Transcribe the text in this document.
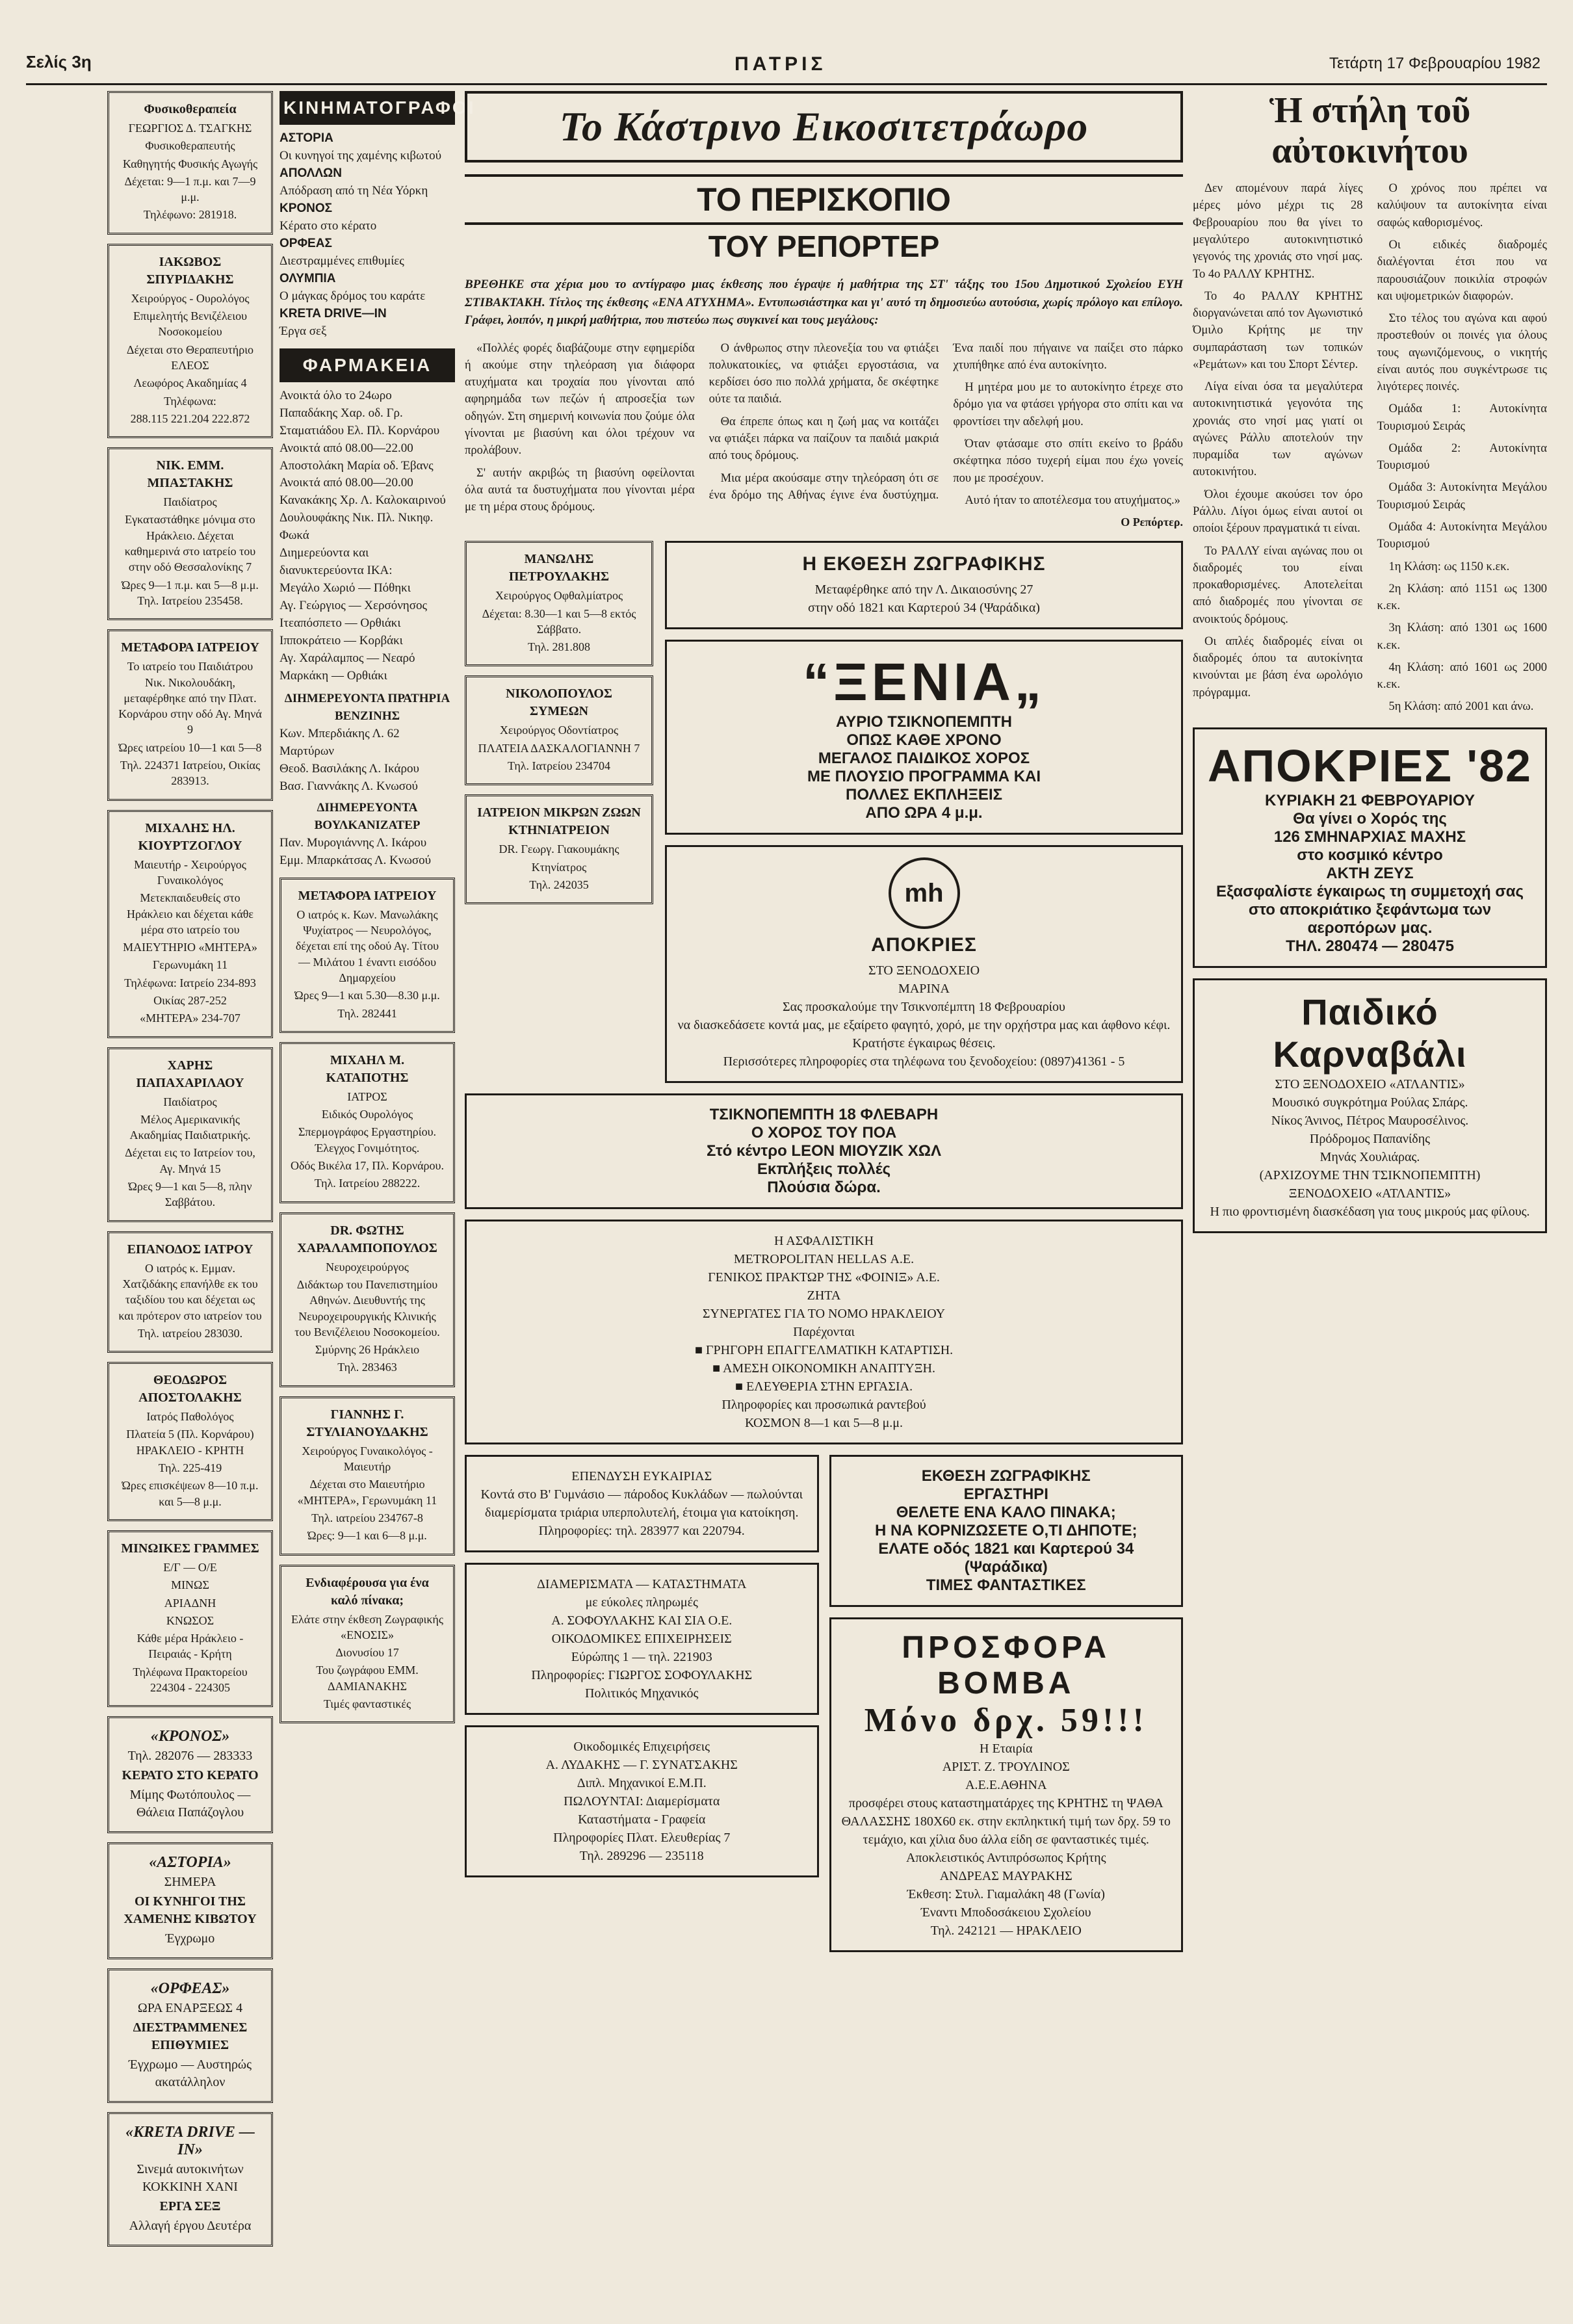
Σελίς 3η	ΠΑΤΡΙΣ	Τετάρτη 17 Φεβρουαρίου 1982
Φυσικοθεραπεία

ΓΕΩΡΓΙΟΣ Δ. ΤΣΑΓΚΗΣ

Φυσικοθεραπευτής

Καθηγητής Φυσικής Αγωγής

Δέχεται: 9—1 π.μ. και 7—9 μ.μ.

Τηλέφωνο: 281918.

ΙΑΚΩΒΟΣ ΣΠΥΡΙΔΑΚΗΣ

Χειρούργος - Ουρολόγος

Επιμελητής Βενιζέλειου Νοσοκομείου

Δέχεται στο Θεραπευτήριο ΕΛΕΟΣ

Λεωφόρος Ακαδημίας 4

Τηλέφωνα:

288.115 221.204 222.872

ΝΙΚ. ΕΜΜ. ΜΠΑΣΤΑΚΗΣ

Παιδίατρος

Εγκαταστάθηκε μόνιμα στο Ηράκλειο. Δέχεται καθημερινά στο ιατρείο του στην οδό Θεσσαλονίκης 7

Ώρες 9—1 π.μ. και 5—8 μ.μ. Τηλ. Ιατρείου 235458.

ΜΕΤΑΦΟΡΑ ΙΑΤΡΕΙΟΥ

Το ιατρείο του Παιδιάτρου Νικ. Νικολουδάκη, μεταφέρθηκε από την Πλατ. Κορνάρου στην οδό Αγ. Μηνά 9

Ώρες ιατρείου 10—1 και 5—8

Τηλ. 224371 Ιατρείου, Οικίας 283913.

ΜΙΧΑΛΗΣ ΗΛ. ΚΙΟΥΡΤΖΟΓΛΟΥ

Μαιευτήρ - Χειρούργος Γυναικολόγος

Μετεκπαιδευθείς στο Ηράκλειο και δέχεται κάθε μέρα στο ιατρείο του

ΜΑΙΕΥΤΗΡΙΟ «ΜΗΤΕΡΑ»

Γερωνυμάκη 11

Τηλέφωνα: Ιατρείο 234-893

Οικίας 287-252

«ΜΗΤΕΡΑ» 234-707

ΧΑΡΗΣ ΠΑΠΑΧΑΡΙΛΑΟΥ

Παιδίατρος

Μέλος Αμερικανικής Ακαδημίας Παιδιατρικής.

Δέχεται εις το Ιατρείον του, Αγ. Μηνά 15

Ώρες 9—1 και 5—8, πλην Σαββάτου.

ΕΠΑΝΟΔΟΣ ΙΑΤΡΟΥ

Ο ιατρός κ. Εμμαν. Χατζιδάκης επανήλθε εκ του ταξιδίου του και δέχεται ως και πρότερον στο ιατρείον του

Τηλ. ιατρείου 283030.

ΘΕΟΔΩΡΟΣ ΑΠΟΣΤΟΛΑΚΗΣ

Ιατρός Παθολόγος

Πλατεία 5 (Πλ. Κορνάρου) ΗΡΑΚΛΕΙΟ - ΚΡΗΤΗ

Τηλ. 225-419

Ώρες επισκέψεων 8—10 π.μ. και 5—8 μ.μ.

ΜΙΝΩΙΚΕΣ ΓΡΑΜΜΕΣ

Ε/Γ — Ο/Ε

ΜΙΝΩΣ

ΑΡΙΑΔΝΗ

ΚΝΩΣΟΣ

Κάθε μέρα Ηράκλειο - Πειραιάς - Κρήτη

Τηλέφωνα Πρακτορείου 224304 - 224305

«ΚΡΟΝΟΣ»

Τηλ. 282076 — 283333

ΚΕΡΑΤΟ ΣΤΟ ΚΕΡΑΤΟ

Μίμης Φωτόπουλος — Θάλεια Παπάζογλου

«ΑΣΤΟΡΙΑ»

ΣΗΜΕΡΑ

ΟΙ ΚΥΝΗΓΟΙ ΤΗΣ ΧΑΜΕΝΗΣ ΚΙΒΩΤΟΥ

Έγχρωμο

«ΟΡΦΕΑΣ»

ΩΡΑ ΕΝΑΡΞΕΩΣ 4

ΔΙΕΣΤΡΑΜΜΕΝΕΣ ΕΠΙΘΥΜΙΕΣ

Έγχρωμο — Αυστηρώς ακατάλληλον

«KRETA DRIVE — IN»

Σινεμά αυτοκινήτων ΚΟΚΚΙΝΗ ΧΑΝΙ

ΕΡΓΑ ΣΕΞ

Αλλαγή έργου Δευτέρα

ΚΙΝΗΜΑΤΟΓΡΑΦΟΙ
ΑΣΤΟΡΙΑ
Οι κυνηγοί της χαμένης κιβωτού
ΑΠΟΛΛΩΝ
Απόδραση από τη Νέα Υόρκη
ΚΡΟΝΟΣ
Κέρατο στο κέρατο
ΟΡΦΕΑΣ
Διεστραμμένες επιθυμίες
ΟΛΥΜΠΙΑ
Ο μάγκας δρόμος του καράτε
KRETA DRIVE—IN
Έργα σεξ
ΦΑΡΜΑΚΕΙΑ

Ανοικτά όλο το 24ωρο

Παπαδάκης Χαρ. οδ. Γρ. Σταματιάδου Ελ. Πλ. Κορνάρου

Ανοικτά από 08.00—22.00

Αποστολάκη Μαρία οδ. Έβανς

Ανοικτά από 08.00—20.00

Κανακάκης Χρ. Λ. Καλοκαιρινού

Δουλουφάκης Νικ. Πλ. Νικηφ. Φωκά

Διημερεύοντα και διανυκτερεύοντα ΙΚΑ:

Μεγάλο Χωριό — Πόθηκι

Αγ. Γεώργιος — Χερσόνησος

Ιτεαπόσπετο — Ορθιάκι

Ιπποκράτειο — Κορβάκι

Αγ. Χαράλαμπος — Νεαρό

Μαρκάκη — Ορθιάκι

ΔΙΗΜΕΡΕΥΟΝΤΑ ΠΡΑΤΗΡΙΑ ΒΕΝΖΙΝΗΣ

Κων. Μπερδιάκης Λ. 62 Μαρτύρων

Θεοδ. Βασιλάκης Λ. Ικάρου

Βασ. Γιαννάκης Λ. Κνωσού

ΔΙΗΜΕΡΕΥΟΝΤΑ ΒΟΥΛΚΑΝΙΖΑΤΕΡ

Παν. Μυρογιάννης Λ. Ικάρου

Εμμ. Μπαρκάτσας Λ. Κνωσού

ΜΕΤΑΦΟΡΑ ΙΑΤΡΕΙΟΥ

Ο ιατρός κ. Κων. Μανωλάκης Ψυχίατρος — Νευρολόγος, δέχεται επί της οδού Αγ. Τίτου — Μιλάτου 1 έναντι εισόδου Δημαρχείου

Ώρες 9—1 και 5.30—8.30 μ.μ.

Τηλ. 282441

ΜΙΧΑΗΛ Μ. ΚΑΤΑΠΟΤΗΣ

ΙΑΤΡΟΣ

Ειδικός Ουρολόγος

Σπερμογράφος Εργαστηρίου. Έλεγχος Γονιμότητος.

Οδός Βικέλα 17, Πλ. Κορνάρου.

Τηλ. Ιατρείου 288222.

DR. ΦΩΤΗΣ ΧΑΡΑΛΑΜΠΟΠΟΥΛΟΣ

Νευροχειρούργος

Διδάκτωρ του Πανεπιστημίου Αθηνών. Διευθυντής της Νευροχειρουργικής Κλινικής του Βενιζέλειου Νοσοκομείου.

Σμύρνης 26 Ηράκλειο

Τηλ. 283463

ΓΙΑΝΝΗΣ Γ. ΣΤΥΛΙΑΝΟΥΔΑΚΗΣ

Χειρούργος Γυναικολόγος - Μαιευτήρ

Δέχεται στο Μαιευτήριο «ΜΗΤΕΡΑ», Γερωνυμάκη 11

Τηλ. ιατρείου 234767-8

Ώρες: 9—1 και 6—8 μ.μ.

Ενδιαφέρουσα για ένα καλό πίνακα;

Ελάτε στην έκθεση Ζωγραφικής «ΕΝΟΣΙΣ»

Διονυσίου 17

Του ζωγράφου ΕΜΜ. ΔΑΜΙΑΝΑΚΗΣ

Τιμές φανταστικές

Το Κάστρινο Εικοσιτετράωρο
ΤΟ ΠΕΡΙΣΚΟΠΙΟ
ΤΟΥ ΡΕΠΟΡΤΕΡ
ΒΡΕΘΗΚΕ στα χέρια μου το αντίγραφο μιας έκθεσης που έγραψε ή μαθήτρια της ΣΤ' τάξης του 15ου Δημοτικού Σχολείου ΕΥΗ ΣΤΙΒΑΚΤΑΚΗ. Τίτλος της έκθεσης «ΕΝΑ ΑΤΥΧΗΜΑ». Εντυπωσιάστηκα και γι' αυτό τη δημοσιεύω αυτούσια, χωρίς πρόλογο και επίλογο. Γράφει, λοιπόν, η μικρή μαθήτρια, που πιστεύω πως συγκινεί και τους μεγάλους:

«Πολλές φορές διαβάζουμε στην εφημερίδα ή ακούμε στην τηλεόραση για διάφορα ατυχήματα και τροχαία που γίνονται από αφηρημάδα των πεζών ή απροσεξία των οδηγών. Στη σημερινή κοινωνία που ζούμε όλα γίνονται με βιασύνη και όλοι τρέχουν να προλάβουν.

Σ' αυτήν ακριβώς τη βιασύνη οφείλονται όλα αυτά τα δυστυχήματα που γίνονται μέρα με τη μέρα στους δρόμους.

Ο άνθρωπος στην πλεονεξία του να φτιάξει πολυκατοικίες, να φτιάξει εργοστάσια, να κερδίσει όσο πιο πολλά χρήματα, δε σκέφτηκε ούτε τα παιδιά.

Θα έπρεπε όπως και η ζωή μας να κοιτάζει να φτιάξει πάρκα να παίζουν τα παιδιά μακριά από τους δρόμους.

Μια μέρα ακούσαμε στην τηλεόραση ότι σε ένα δρόμο της Αθήνας έγινε ένα δυστύχημα. Ένα παιδί που πήγαινε να παίξει στο πάρκο χτυπήθηκε από ένα αυτοκίνητο.

Η μητέρα μου με το αυτοκίνητο έτρεχε στο δρόμο για να φτάσει γρήγορα στο σπίτι και να φροντίσει την αδελφή μου.

Όταν φτάσαμε στο σπίτι εκείνο το βράδυ σκέφτηκα πόσο τυχερή είμαι που έχω γονείς που με προσέχουν.

Αυτό ήταν το αποτέλεσμα του ατυχήματος.»

Ο Ρεπόρτερ.
ΜΑΝΩΛΗΣ ΠΕΤΡΟΥΛΑΚΗΣ

Χειρούργος Οφθαλμίατρος

Δέχεται: 8.30—1 και 5—8 εκτός Σάββατο.

Τηλ. 281.808

ΝΙΚΟΛΟΠΟΥΛΟΣ ΣΥΜΕΩΝ

Χειρούργος Οδοντίατρος

ΠΛΑΤΕΙΑ ΔΑΣΚΑΛΟΓΙΑΝΝΗ 7

Τηλ. Ιατρείου 234704

ΙΑΤΡΕΙΟΝ ΜΙΚΡΩΝ ΖΩΩΝ ΚΤΗΝΙΑΤΡΕΙΟΝ

DR. Γεωργ. Γιακουμάκης

Κτηνίατρος

Τηλ. 242035

Η ΕΚΘΕΣΗ ΖΩΓΡΑΦΙΚΗΣ

Μεταφέρθηκε από την Λ. Δικαιοσύνης 27

στην οδό 1821 και Καρτερού 34 (Ψαράδικα)

“ΞΕΝΙΑ„

ΑΥΡΙΟ ΤΣΙΚΝΟΠΕΜΠΤΗ

ΟΠΩΣ ΚΑΘΕ ΧΡΟΝΟ

ΜΕΓΑΛΟΣ ΠΑΙΔΙΚΟΣ ΧΟΡΟΣ

ΜΕ ΠΛΟΥΣΙΟ ΠΡΟΓΡΑΜΜΑ ΚΑΙ

ΠΟΛΛΕΣ ΕΚΠΛΗΞΕΙΣ

ΑΠΟ ΩΡΑ 4 μ.μ.

mh
ΑΠΟΚΡΙΕΣ

ΣΤΟ ΞΕΝΟΔΟΧΕΙΟ

ΜΑΡΙΝΑ

Σας προσκαλούμε την Τσικνοπέμπτη 18 Φεβρουαρίου

να διασκεδάσετε κοντά μας, με εξαίρετο φαγητό, χορό, με την ορχήστρα μας και άφθονο κέφι.

Κρατήστε έγκαιρως θέσεις.

Περισσότερες πληροφορίες στα τηλέφωνα του ξενοδοχείου: (0897)41361 - 5

ΤΣΙΚΝΟΠΕΜΠΤΗ 18 ΦΛΕΒΑΡΗ

Ο ΧΟΡΟΣ ΤΟΥ ΠΟΑ

Στό κέντρο LEON ΜΙΟΥΖΙΚ ΧΩΛ

Εκπλήξεις πολλές

Πλούσια δώρα.

Η ΑΣΦΑΛΙΣΤΙΚΗ

METROPOLITAN HELLAS Α.Ε.

ΓΕΝΙΚΟΣ ΠΡΑΚΤΩΡ ΤΗΣ «ΦΟΙΝΙΞ» Α.Ε.

ΖΗΤΑ

ΣΥΝΕΡΓΑΤΕΣ ΓΙΑ ΤΟ ΝΟΜΟ ΗΡΑΚΛΕΙΟΥ

Παρέχονται

■ ΓΡΗΓΟΡΗ ΕΠΑΓΓΕΛΜΑΤΙΚΗ ΚΑΤΑΡΤΙΣΗ.

■ ΑΜΕΣΗ ΟΙΚΟΝΟΜΙΚΗ ΑΝΑΠΤΥΞΗ.

■ ΕΛΕΥΘΕΡΙΑ ΣΤΗΝ ΕΡΓΑΣΙΑ.

Πληροφορίες και προσωπικά ραντεβού

ΚΟΣΜΟΝ 8—1 και 5—8 μ.μ.

ΕΠΕΝΔΥΣΗ ΕΥΚΑΙΡΙΑΣ

Κοντά στο Β' Γυμνάσιο — πάροδος Κυκλάδων — πωλούνται διαμερίσματα τριάρια υπερπολυτελή, έτοιμα για κατοίκηση.

Πληροφορίες: τηλ. 283977 και 220794.

ΔΙΑΜΕΡΙΣΜΑΤΑ — ΚΑΤΑΣΤΗΜΑΤΑ

με εύκολες πληρωμές

Α. ΣΟΦΟΥΛΑΚΗΣ ΚΑΙ ΣΙΑ Ο.Ε.

ΟΙΚΟΔΟΜΙΚΕΣ ΕΠΙΧΕΙΡΗΣΕΙΣ

Εύρώπης 1 — τηλ. 221903

Πληροφορίες: ΓΙΩΡΓΟΣ ΣΟΦΟΥΛΑΚΗΣ

Πολιτικός Μηχανικός

Οικοδομικές Επιχειρήσεις

Α. ΛΥΔΑΚΗΣ — Γ. ΣΥΝΑΤΣΑΚΗΣ

Διπλ. Μηχανικοί Ε.Μ.Π.

ΠΩΛΟΥΝΤΑΙ: Διαμερίσματα

Καταστήματα - Γραφεία

Πληροφορίες Πλατ. Ελευθερίας 7

Τηλ. 289296 — 235118

ΕΚΘΕΣΗ ΖΩΓΡΑΦΙΚΗΣ

ΕΡΓΑΣΤΗΡΙ

ΘΕΛΕΤΕ ΕΝΑ ΚΑΛΟ ΠΙΝΑΚΑ;

Η ΝΑ ΚΟΡΝΙΖΩΣΕΤΕ Ο,ΤΙ ΔΗΠΟΤΕ;

ΕΛΑΤΕ οδός 1821 και Καρτερού 34

(Ψαράδικα)

ΤΙΜΕΣ ΦΑΝΤΑΣΤΙΚΕΣ

ΠΡΟΣΦΟΡΑ ΒΟΜΒΑ
Μόνο δρχ. 59!!!

Η Εταιρία

ΑΡΙΣΤ. Ζ. ΤΡΟΥΛΙΝΟΣ

Α.Ε.Ε.ΑΘΗΝΑ

προσφέρει στους καταστηματάρχες της ΚΡΗΤΗΣ τη ΨΑΘΑ ΘΑΛΑΣΣΗΣ 180Χ60 εκ. στην εκπληκτική τιμή των δρχ. 59 το τεμάχιο, και χίλια δυο άλλα είδη σε φανταστικές τιμές.

Αποκλειστικός Αντιπρόσωπος Κρήτης

ΑΝΔΡΕΑΣ ΜΑΥΡΑΚΗΣ

Έκθεση: Στυλ. Γιαμαλάκη 48 (Γωνία)

Έναντι Μποδοσάκειου Σχολείου

Τηλ. 242121 — ΗΡΑΚΛΕΙΟ

Ἡ στήλη τοῦ αὐτοκινήτου

Δεν απομένουν παρά λίγες μέρες μόνο μέχρι τις 28 Φεβρουαρίου που θα γίνει το μεγαλύτερο αυτοκινητιστικό γεγονός της χρονιάς στο νησί μας. Το 4ο ΡΑΛΛΥ ΚΡΗΤΗΣ.

Το 4ο ΡΑΛΛΥ ΚΡΗΤΗΣ διοργανώνεται από τον Αγωνιστικό Όμιλο Κρήτης με την συμπαράσταση των τοπικών «Ρεμάτων» και του Σπορτ Σέντερ.

Λίγα είναι όσα τα μεγαλύτερα αυτοκινητιστικά γεγονότα της χρονιάς στο νησί μας γιατί οι αγώνες Ράλλυ αποτελούν την πυραμίδα των αγώνων αυτοκινήτου.

Όλοι έχουμε ακούσει τον όρο Ράλλυ. Λίγοι όμως είναι αυτοί οι οποίοι ξέρουν πραγματικά τι είναι.

Το ΡΑΛΛΥ είναι αγώνας που οι διαδρομές του είναι προκαθορισμένες. Αποτελείται από διαδρομές που γίνονται σε ανοικτούς δρόμους.

Οι απλές διαδρομές είναι οι διαδρομές όπου τα αυτοκίνητα κινούνται με βάση ένα ωρολόγιο πρόγραμμα.

Ο χρόνος που πρέπει να καλύψουν τα αυτοκίνητα είναι σαφώς καθορισμένος.

Οι ειδικές διαδρομές διαλέγονται έτσι που να παρουσιάζουν ποικιλία στροφών και υψομετρικών διαφορών.

Στο τέλος του αγώνα και αφού προστεθούν οι ποινές για όλους τους αγωνιζόμενους, ο νικητής είναι αυτός που συγκέντρωσε τις λιγότερες ποινές.

Ομάδα 1: Αυτοκίνητα Τουρισμού Σειράς

Ομάδα 2: Αυτοκίνητα Τουρισμού

Ομάδα 3: Αυτοκίνητα Μεγάλου Τουρισμού Σειράς

Ομάδα 4: Αυτοκίνητα Μεγάλου Τουρισμού

1η Κλάση: ως 1150 κ.εκ.

2η Κλάση: από 1151 ως 1300 κ.εκ.

3η Κλάση: από 1301 ως 1600 κ.εκ.

4η Κλάση: από 1601 ως 2000 κ.εκ.

5η Κλάση: από 2001 και άνω.

ΑΠΟΚΡΙΕΣ '82

ΚΥΡΙΑΚΗ 21 ΦΕΒΡΟΥΑΡΙΟΥ

Θα γίνει ο Χορός της

126 ΣΜΗΝΑΡΧΙΑΣ ΜΑΧΗΣ

στο κοσμικό κέντρο

ΑΚΤΗ ΖΕΥΣ

Εξασφαλίστε έγκαιρως τη συμμετοχή σας

στο αποκριάτικο ξεφάντωμα των αεροπόρων μας.

ΤΗΛ. 280474 — 280475

Παιδικό Καρναβάλι

ΣΤΟ ΞΕΝΟΔΟΧΕΙΟ «ΑΤΛΑΝΤΙΣ»

Μουσικό συγκρότημα Ρούλας Σπάρς.

Νίκος Άνινος, Πέτρος Μαυροσέλινος.

Πρόδρομος Παπανίδης

Μηνάς Χουλιάρας.

(ΑΡΧΙΖΟΥΜΕ ΤΗΝ ΤΣΙΚΝΟΠΕΜΠΤΗ)

ΞΕΝΟΔΟΧΕΙΟ «ΑΤΛΑΝΤΙΣ»

Η πιο φροντισμένη διασκέδαση για τους μικρούς μας φίλους.
